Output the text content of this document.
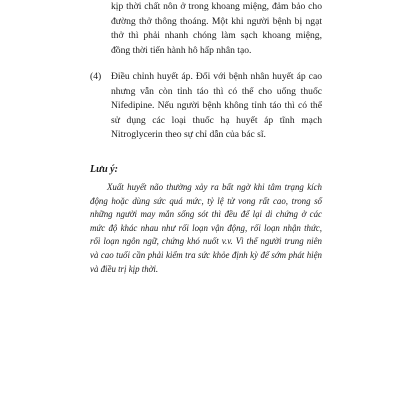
kịp thời chất nôn ở trong khoang miệng, đảm bảo cho đường thở thông thoáng. Một khi người bệnh bị ngạt thở thì phải nhanh chóng làm sạch khoang miệng, đồng thời tiến hành hô hấp nhân tạo.
(4)	Điều chỉnh huyết áp. Đối với bệnh nhân huyết áp cao nhưng vẫn còn tỉnh táo thì có thể cho uống thuốc Nifedipine. Nếu người bệnh không tỉnh táo thì có thể sử dụng các loại thuốc hạ huyết áp tĩnh mạch Nitroglycerin theo sự chỉ dẫn của bác sĩ.
Lưu ý:
Xuất huyết não thường xảy ra bất ngờ khi tâm trạng kích động hoặc dùng sức quá mức, tỷ lệ tử vong rất cao, trong số những người may mắn sống sót thì đều để lại di chứng ở các mức độ khác nhau như rối loạn vận động, rối loạn nhận thức, rối loạn ngôn ngữ, chứng khó nuốt v.v. Vì thế người trung niên và cao tuổi cần phải kiểm tra sức khỏe định kỳ để sớm phát hiện và điều trị kịp thời.
